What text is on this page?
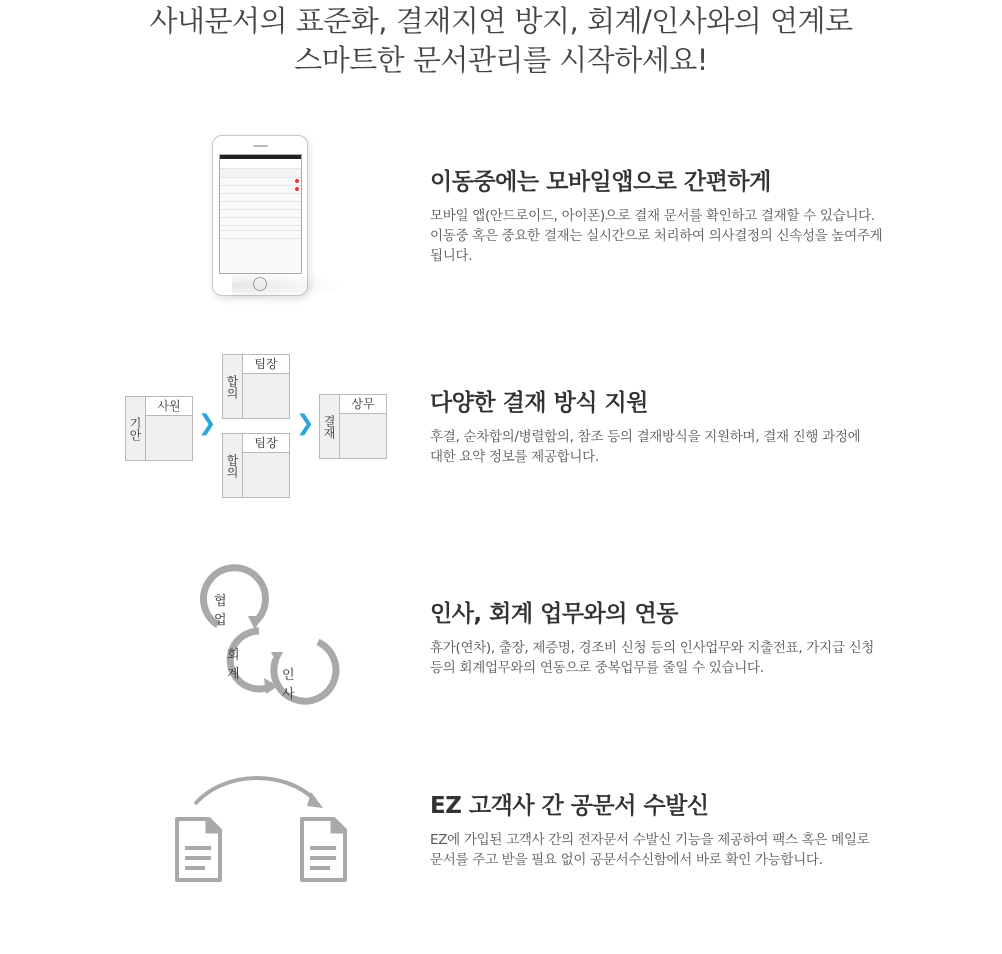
사내문서의 표준화, 결재지연 방지, 회계/인사와의 연계로
스마트한 문서관리를 시작하세요!
이동중에는 모바일앱으로 간편하게
모바일 앱(안드로이드, 아이폰)으로 결재 문서를 확인하고 결재할 수 있습니다.
이동중 혹은 중요한 결재는 실시간으로 처리하여 의사결정의 신속성을 높여주게
됩니다.
기안
사원
❯
합의
팀장
합의
팀장
❯ 결재
상무	다양한 결재 방식 지원
후결, 순차합의/병렬합의, 참조 등의 결재방식을 지원하며, 결재 진행 과정에
대한 요약 정보를 제공합니다.
협업
회계	인사
인사, 회계 업무와의 연동
휴가(연차), 출장, 제증명, 경조비 신청 등의 인사업무와 지출전표, 가지급 신청
등의 회계업무와의 연동으로 중복업무를 줄일 수 있습니다.
EZ 고객사 간 공문서 수발신
EZ에 가입된 고객사 간의 전자문서 수발신 기능을 제공하여 팩스 혹은 메일로
문서를 주고 받을 필요 없이 공문서수신함에서 바로 확인 가능합니다.
